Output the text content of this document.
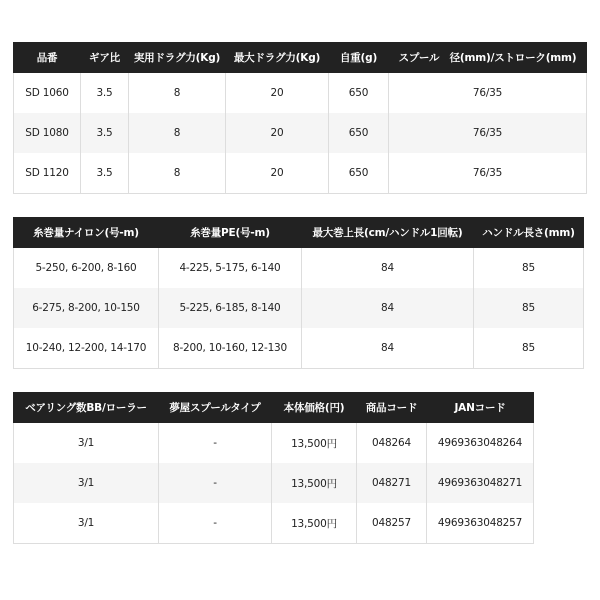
品番	ギア比	実用ドラグ力(Kg)	最大ドラグ力(Kg)	自重(g)	スプール　径(mm)/ストローク(mm)
SD 1060	3.5	8	20	650	76/35
SD 1080	3.5	8	20	650	76/35
SD 1120	3.5	8	20	650	76/35
糸巻量ナイロン(号-m)	糸巻量PE(号-m)	最大巻上長(cm/ハンドル1回転)	ハンドル長さ(mm)
5-250, 6-200, 8-160	4-225, 5-175, 6-140	84	85
6-275, 8-200, 10-150	5-225, 6-185, 8-140	84	85
10-240, 12-200, 14-170	8-200, 10-160, 12-130	84	85
ベアリング数BB/ローラー	夢屋スプールタイプ	本体価格(円)	商品コード	JANコード
3/1	-	13,500円	048264	4969363048264
3/1	-	13,500円	048271	4969363048271
3/1	-	13,500円	048257	4969363048257
